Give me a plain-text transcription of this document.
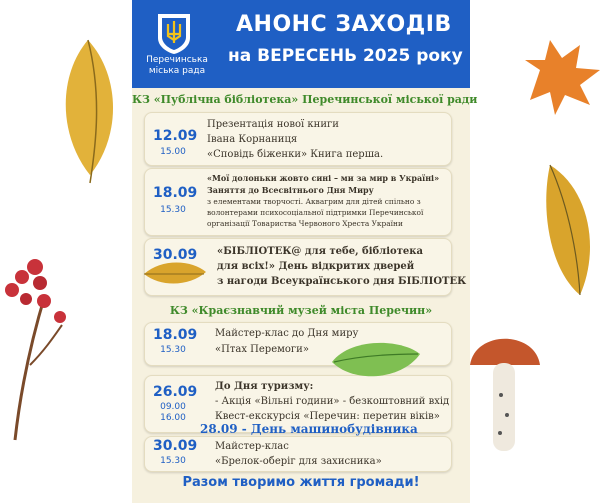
Перечинська міська рада
АНОНС ЗАХОДІВ
на ВЕРЕСЕНЬ 2025 року
КЗ «Публічна бібліотека» Перечинської міської ради
12.09
15.00
Презентація нової книги
Івана Корнаниця
«Сповідь біженки» Книга перша.
18.09
15.30
«Мої долоньки жовто сині – ми за мир в Україні»
Заняття до Всесвітнього Дня Миру
з елементами творчості. Аквагрим для дітей спільно з
волонтерами психосоціальної підтримки Перечинської
організації Товариства Червоного Хреста України
30.09 «БІБЛІОТЕК@ для тебе, бібліотека
для всіх!» День відкритих дверей
з нагоди Всеукраїнського дня БІБЛІОТЕК
КЗ «Краєзнавчий музей міста Перечин»
18.09
15.30
Майстер-клас до Дня миру
«Птах Перемоги»
26.09
09.00
16.00
До Дня туризму:
- Акція «Вільні години» - безкоштовний вхід
Квест-екскурсія «Перечин: перетин віків»
30.09
15.30
Майстер-клас
«Брелок-оберіг для захисника»
28.09 - День машинобудівника
Разом творимо життя громади!
